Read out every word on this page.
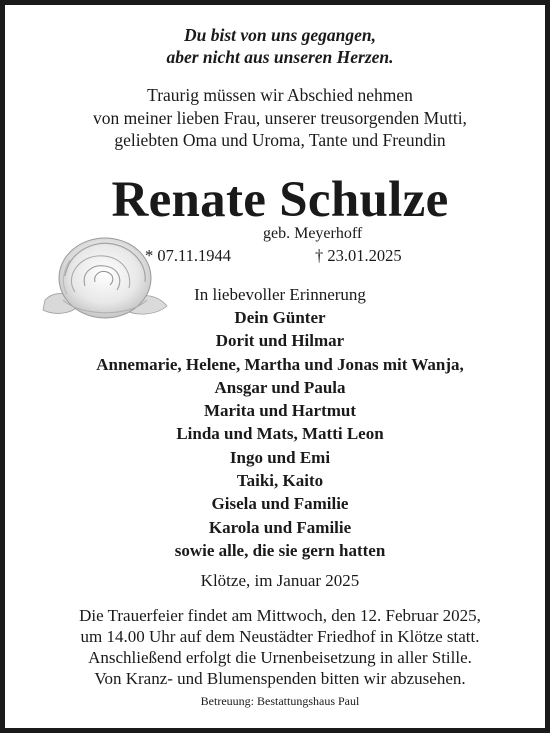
Du bist von uns gegangen,
aber nicht aus unseren Herzen.
Traurig müssen wir Abschied nehmen
von meiner lieben Frau, unserer treusorgenden Mutti,
geliebten Oma und Uroma, Tante und Freundin
Renate Schulze
geb. Meyerhoff
* 07.11.1944	† 23.01.2025
In liebevoller Erinnerung
Dein Günter
Dorit und Hilmar
Annemarie, Helene, Martha und Jonas mit Wanja,
Ansgar und Paula
Marita und Hartmut
Linda und Mats, Matti Leon
Ingo und Emi
Taiki, Kaito
Gisela und Familie
Karola und Familie
sowie alle, die sie gern hatten
Klötze, im Januar 2025
Die Trauerfeier findet am Mittwoch, den 12. Februar 2025,
um 14.00 Uhr auf dem Neustädter Friedhof in Klötze statt.
Anschließend erfolgt die Urnenbeisetzung in aller Stille.
Von Kranz- und Blumenspenden bitten wir abzusehen.
Betreuung: Bestattungshaus Paul
